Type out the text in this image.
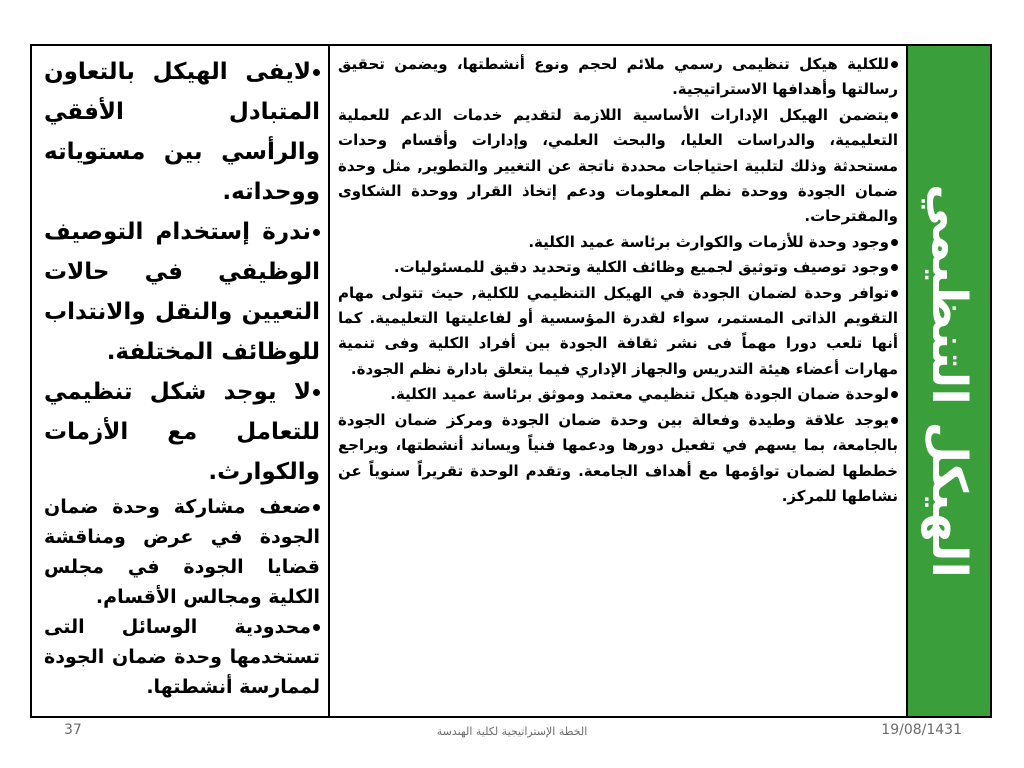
الهيكل التنظيمي

للكلية هيكل تنظيمى رسمي ملائم لحجم ونوع أنشطتها، ويضمن تحقيق رسالتها وأهدافها الاستراتيجية.

يتضمن الهيكل الإدارات الأساسية اللازمة لتقديم خدمات الدعم للعملية التعليمية، والدراسات العليا، والبحث العلمي، وإدارات وأقسام وحدات مستحدثة وذلك لتلبية احتياجات محددة ناتجة عن التغيير والتطوير, مثل وحدة ضمان الجودة ووحدة نظم المعلومات ودعم إتخاذ القرار ووحدة الشكاوى والمقترحات.

وجود وحدة للأزمات والكوارث برئاسة عميد الكلية.

وجود توصيف وتوثيق لجميع وظائف الكلية وتحديد دقيق للمسئوليات.

توافر وحدة لضمان الجودة في الهيكل التنظيمي للكلية, حيث تتولى مهام التقويم الذاتى المستمر، سواء لقدرة المؤسسية أو لفاعليتها التعليمية. كما أنها تلعب دورا مهماً فى نشر ثقافة الجودة بين أفراد الكلية وفى تنمية مهارات أعضاء هيئة التدريس والجهاز الإداري فيما يتعلق بادارة نظم الجودة.

لوحدة ضمان الجودة هيكل تنظيمي معتمد وموثق برئاسة عميد الكلية.

يوجد علاقة وطيدة وفعالة بين وحدة ضمان الجودة ومركز ضمان الجودة بالجامعة، بما يسهم في تفعيل دورها ودعمها فنياً ويساند أنشطتها، ويراجع خططها لضمان تواؤمها مع أهداف الجامعة. وتقدم الوحدة تقريراً سنوياً عن نشاطها للمركز.

لايفى الهيكل بالتعاون المتبادل الأفقي والرأسي بين مستوياته ووحداته.

ندرة إستخدام التوصيف الوظيفي في حالات التعيين والنقل والانتداب للوظائف المختلفة.

لا يوجد شكل تنظيمي للتعامل مع الأزمات والكوارث.

ضعف مشاركة وحدة ضمان الجودة في عرض ومناقشة قضايا الجودة في مجلس الكلية ومجالس الأقسام.

محدودية الوسائل التى تستخدمها وحدة ضمان الجودة لممارسة أنشطتها.

37	الخطة الإستراتيجية لكلية الهندسة	19/08/1431
